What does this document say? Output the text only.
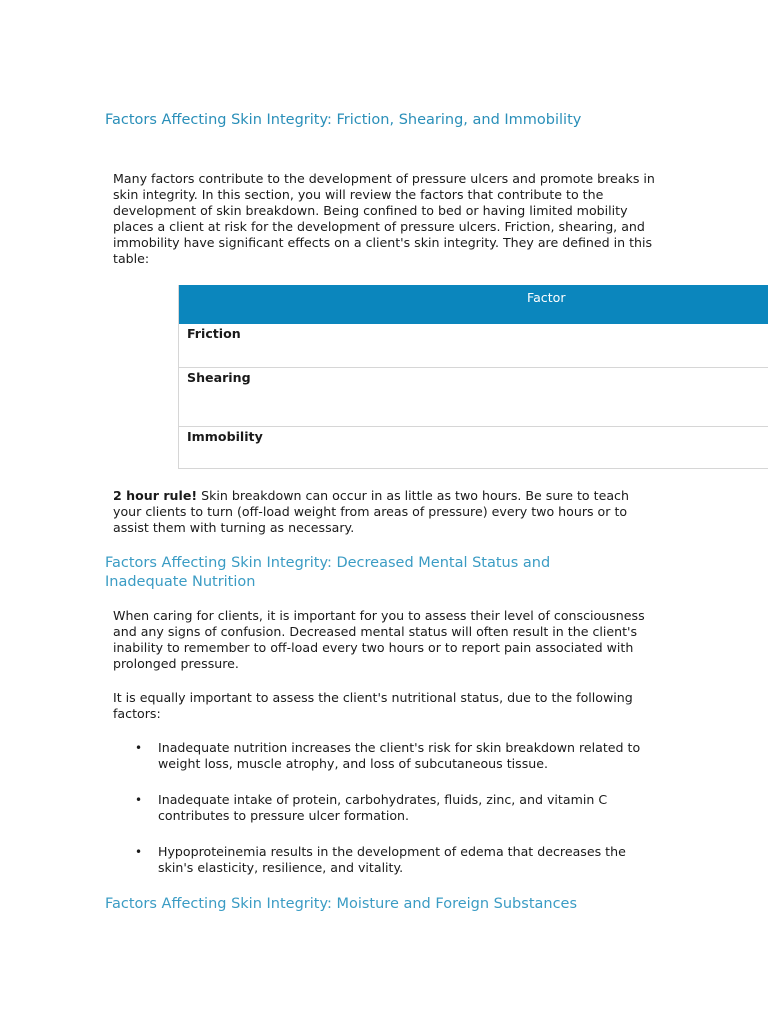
Factors Affecting Skin Integrity: Friction, Shearing, and Immobility

Many factors contribute to the development of pressure ulcers and promote breaks in skin integrity. In this section, you will review the factors that contribute to the development of skin breakdown. Being confined to bed or having limited mobility places a client at risk for the development of pressure ulcers. Friction, shearing, and immobility have significant effects on a client's skin integrity. They are defined in this table:

Factor
Friction
Shearing
Immobility

2 hour rule! Skin breakdown can occur in as little as two hours. Be sure to teach your clients to turn (off-load weight from areas of pressure) every two hours or to assist them with turning as necessary.

Factors Affecting Skin Integrity: Decreased Mental Status and Inadequate Nutrition

When caring for clients, it is important for you to assess their level of consciousness and any signs of confusion. Decreased mental status will often result in the client's inability to remember to off-load every two hours or to report pain associated with prolonged pressure.

It is equally important to assess the client's nutritional status, due to the following factors:

• Inadequate nutrition increases the client's risk for skin breakdown related to weight loss, muscle atrophy, and loss of subcutaneous tissue.
• Inadequate intake of protein, carbohydrates, fluids, zinc, and vitamin C contributes to pressure ulcer formation.
• Hypoproteinemia results in the development of edema that decreases the skin's elasticity, resilience, and vitality.
Factors Affecting Skin Integrity: Moisture and Foreign Substances
